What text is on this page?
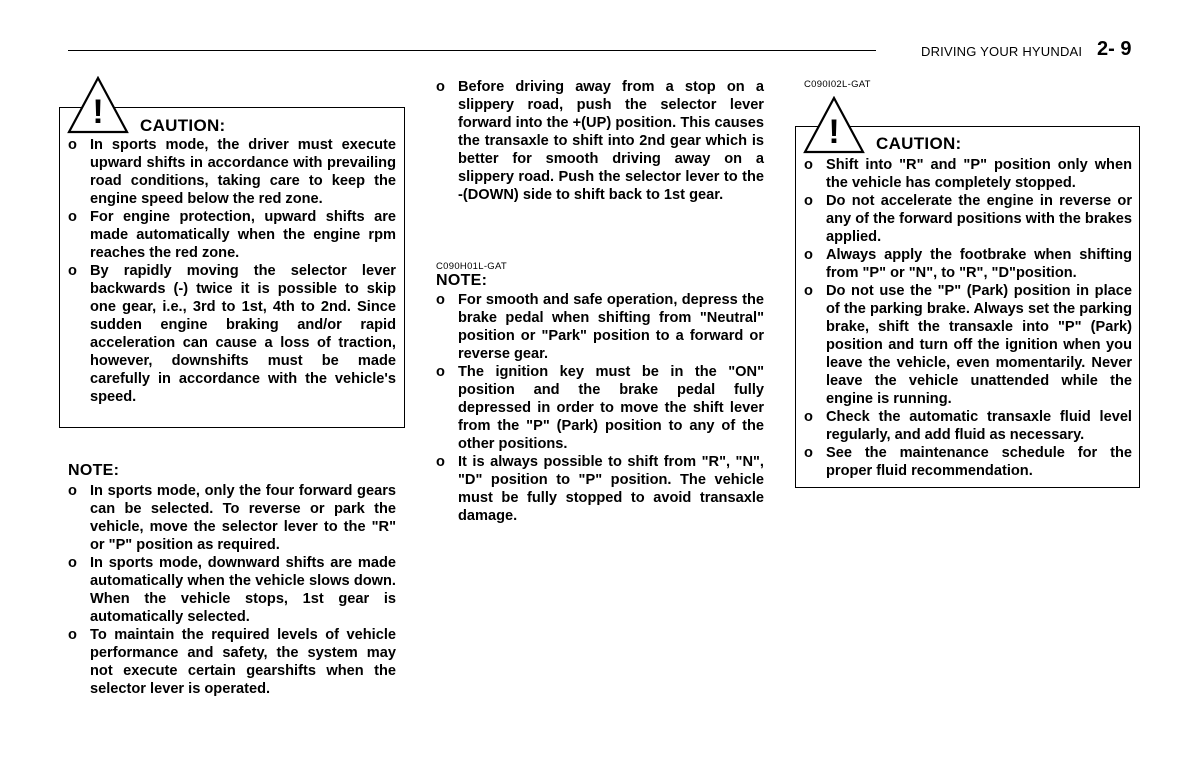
DRIVING YOUR HYUNDAI 2- 9
! CAUTION:
o In sports mode, the driver must execute upward shifts in accordance with prevailing road conditions, taking care to keep the engine speed below the red zone.
o For engine protection, upward shifts are made automatically when the engine rpm reaches the red zone.
o By rapidly moving the selector lever backwards (-) twice it is possible to skip one gear, i.e., 3rd to 1st, 4th to 2nd. Since sudden engine braking and/or rapid acceleration can cause a loss of traction, however, downshifts must be made carefully in accordance with the vehicle's speed.
NOTE:
o In sports mode, only the four forward gears can be selected. To reverse or park the vehicle, move the selector lever to the "R" or "P" position as required.
o In sports mode, downward shifts are made automatically when the vehicle slows down. When the vehicle stops, 1st gear is automatically selected.
o To maintain the required levels of vehicle performance and safety, the system may not execute certain gearshifts when the selector lever is operated.
o Before driving away from a stop on a slippery road, push the selector lever forward into the +(UP) position. This causes the transaxle to shift into 2nd gear which is better for smooth driving away on a slippery road. Push the selector lever to the -(DOWN) side to shift back to 1st gear.
C090H01L-GAT
NOTE:
o For smooth and safe operation, depress the brake pedal when shifting from "Neutral" position or "Park" position to a forward or reverse gear.
o The ignition key must be in the "ON" position and the brake pedal fully depressed in order to move the shift lever from the "P" (Park) position to any of the other positions.
o It is always possible to shift from "R", "N", "D" position to "P" position. The vehicle must be fully stopped to avoid transaxle damage.
C090I02L-GAT
! CAUTION:
o Shift into "R" and "P" position only when the vehicle has completely stopped.
o Do not accelerate the engine in reverse or any of the forward positions with the brakes applied.
o Always apply the footbrake when shifting from "P" or "N", to "R", "D"position.
o Do not use the "P" (Park) position in place of the parking brake. Always set the parking brake, shift the transaxle into "P" (Park) position and turn off the ignition when you leave the vehicle, even momentarily. Never leave the vehicle unattended while the engine is running.
o Check the automatic transaxle fluid level regularly, and add fluid as necessary.
o See the maintenance schedule for the proper fluid recommendation.
